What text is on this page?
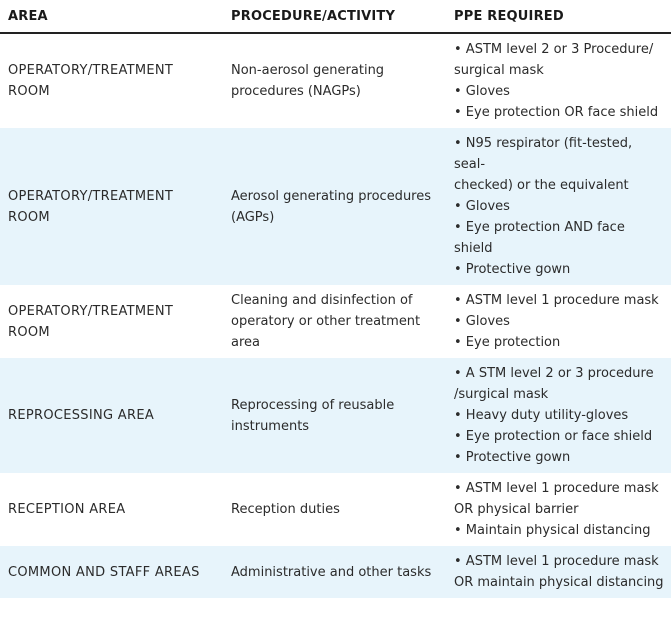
AREA	PROCEDURE/ACTIVITY	PPE REQUIRED
OPERATORY/TREATMENT ROOM	Non-aerosol generating procedures (NAGPs)	• ASTM level 2 or 3 Procedure/ surgical mask
• Gloves
• Eye protection OR face shield

OPERATORY/TREATMENT ROOM	Aerosol generating procedures (AGPs)	• N95 respirator (fit-tested, seal-
checked) or the equivalent
• Gloves
• Eye protection AND face shield
• Protective gown

OPERATORY/TREATMENT ROOM	Cleaning and disinfection of operatory or other treatment area	• ASTM level 1 procedure mask
• Gloves
• Eye protection

REPROCESSING AREA	Reprocessing of reusable instruments	• A STM level 2 or 3 procedure /surgical mask
• Heavy duty utility-gloves
• Eye protection or face shield
• Protective gown

RECEPTION AREA	Reception duties	• ASTM level 1 procedure mask OR physical barrier
• Maintain physical distancing

COMMON AND STAFF AREAS	Administrative and other tasks	• ASTM level 1 procedure mask OR maintain physical distancing
